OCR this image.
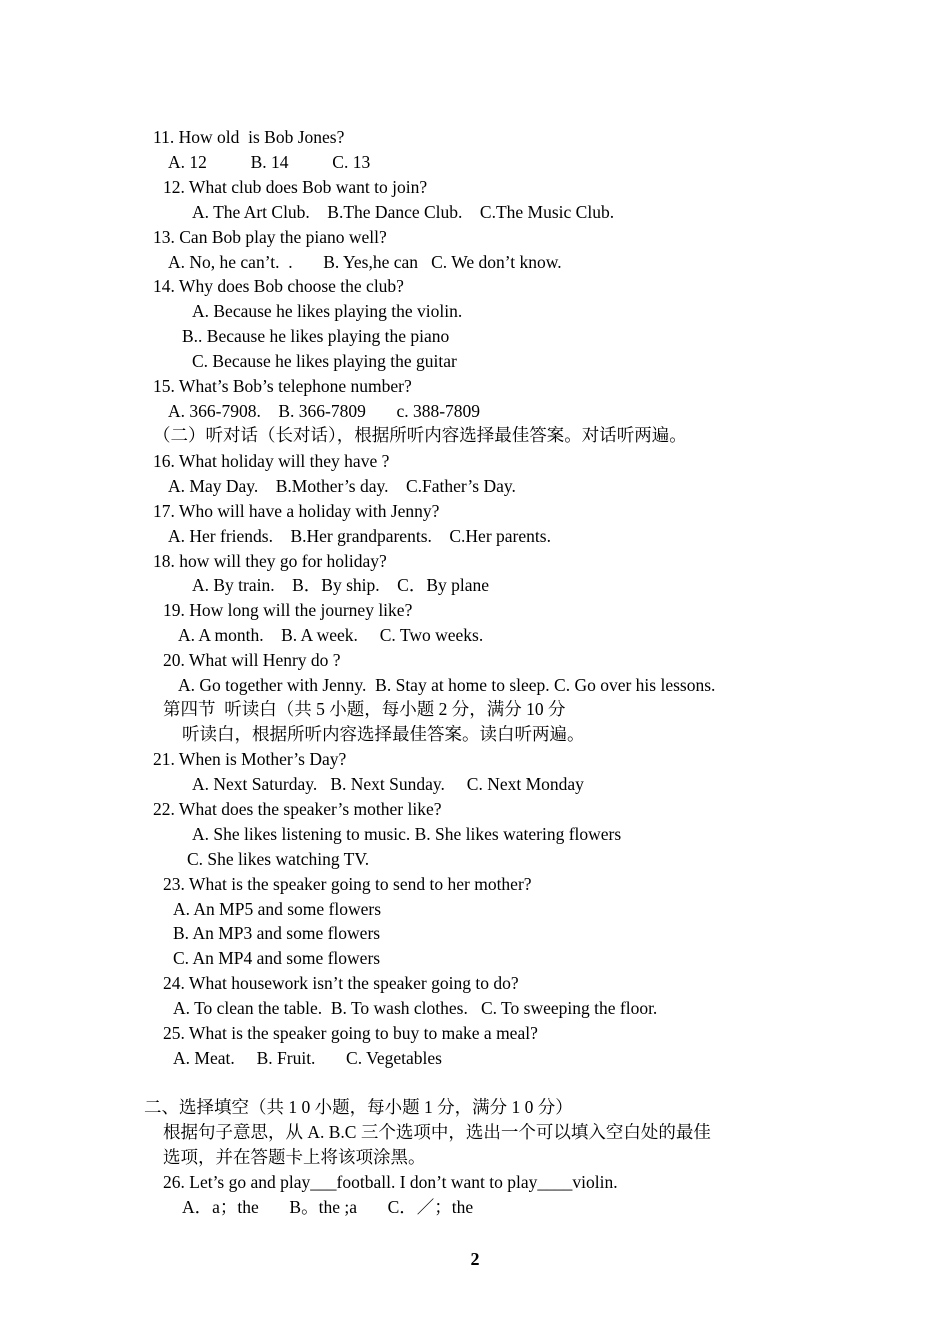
11. How old  is Bob Jones?
A. 12          B. 14          C. 13
12. What club does Bob want to join?
A. The Art Club.    B.The Dance Club.    C.The Music Club.
13. Can Bob play the piano well?
A. No, he can’t.  .       B. Yes,he can   C. We don’t know.
14. Why does Bob choose the club?
A. Because he likes playing the violin.
B.. Because he likes playing the piano
C. Because he likes playing the guitar
15. What’s Bob’s telephone number?
A. 366-7908.    B. 366-7809       c. 388-7809
（二）听对话（长对话），根据所听内容选择最佳答案。对话听两遍。
16. What holiday will they have ?
A. May Day.    B.Mother’s day.    C.Father’s Day.
17. Who will have a holiday with Jenny?
A. Her friends.    B.Her grandparents.    C.Her parents.
18. how will they go for holiday?
A. By train.    B．By ship.    C．By plane
19. How long will the journey like?
A. A month.    B. A week.     C. Two weeks.
20. What will Henry do ?
A. Go together with Jenny.  B. Stay at home to sleep. C. Go over his lessons.
第四节  听读白（共 5 小题，每小题 2 分，满分 10 分
听读白，根据所听内容选择最佳答案。读白听两遍。
21. When is Mother’s Day?
A. Next Saturday.   B. Next Sunday.     C. Next Monday
22. What does the speaker’s mother like?
A. She likes listening to music. B. She likes watering flowers
C. She likes watching TV.
23. What is the speaker going to send to her mother?
A. An MP5 and some flowers
B. An MP3 and some flowers
C. An MP4 and some flowers
24. What housework isn’t the speaker going to do?
A. To clean the table.  B. To wash clothes.   C. To sweeping the floor.
25. What is the speaker going to buy to make a meal?
A. Meat.     B. Fruit.       C. Vegetables
二、选择填空（共 1 0 小题，每小题 1 分，满分 1 0 分）
根据句子意思，从 A. B.C 三个选项中，选出一个可以填入空白处的最佳
选项，并在答题卡上将该项涂黑。
26. Let’s go and play___football. I don’t want to play____violin.
A．a；the       B。the ;a       C．／；the
2
